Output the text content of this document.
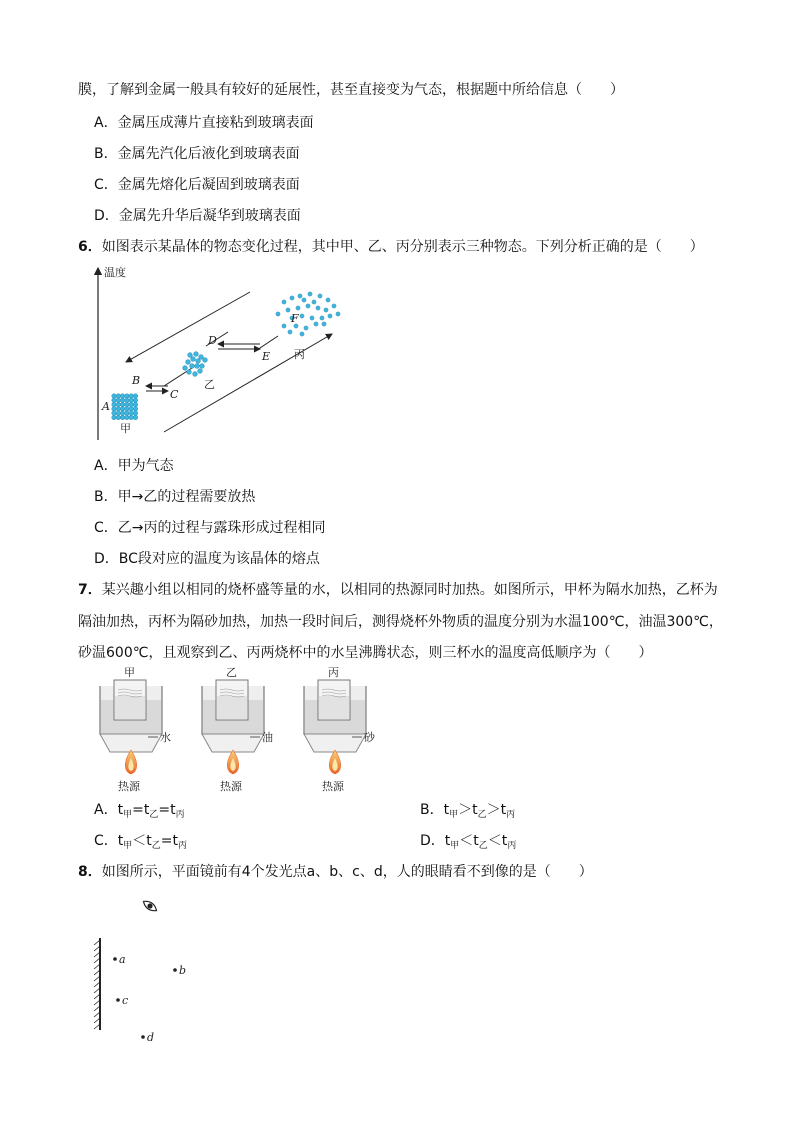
膜，了解到金属一般具有较好的延展性，甚至直接变为气态，根据题中所给信息（　　）
A．金属压成薄片直接粘到玻璃表面
B．金属先汽化后液化到玻璃表面
C．金属先熔化后凝固到玻璃表面
D．金属先升华后凝华到玻璃表面
6．如图表示某晶体的物态变化过程，其中甲、乙、丙分别表示三种物态。下列分析正确的是（　　）
温度
A
B
C
D
E
F
甲
乙
丙
A．甲为气态
B．甲→乙的过程需要放热
C．乙→丙的过程与露珠形成过程相同
D．BC段对应的温度为该晶体的熔点
7．某兴趣小组以相同的烧杯盛等量的水，以相同的热源同时加热。如图所示，甲杯为隔水加热，乙杯为
隔油加热，丙杯为隔砂加热，加热一段时间后，测得烧杯外物质的温度分别为水温100℃，油温300℃，
砂温600℃，且观察到乙、丙两烧杯中的水呈沸腾状态，则三杯水的温度高低顺序为（　　）
甲
水
热源
乙
油
热源
丙
砂
热源
A．$t_甲=t_乙=t_丙$	B．$t_甲>t_乙>t_丙$
C．$t_甲<t_乙=t_丙$	D．$t_甲<t_乙<t_丙$
8．如图所示，平面镜前有4个发光点a、b、c、d，人的眼睛看不到像的是（　　）
a
b
c
d
